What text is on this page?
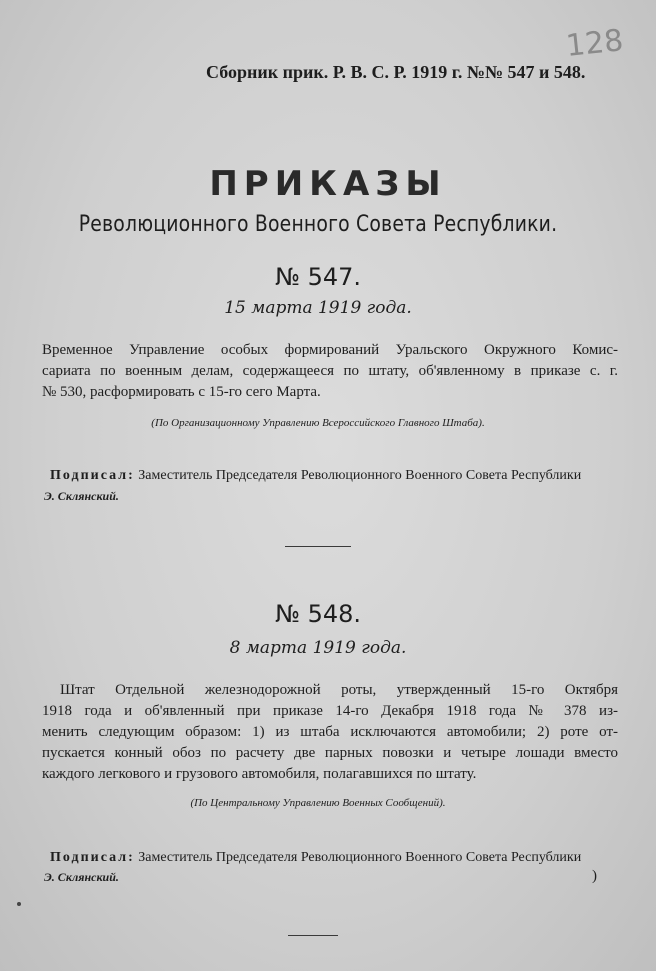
128
Сборник прик. Р. В. С. Р. 1919 г. №№ 547 и 548.
ПРИКАЗЫ
Революционного Военного Совета Республики.
№ 547.
15 марта 1919 года.
Временное Управление особых формирований Уральского Окружного Комис-
сариата по военным делам, содержащееся по штату, об'явленному в приказе с. г.
№ 530, расформировать с 15-го сего Марта.
(По Организационному Управлению Всероссийского Главного Штаба).
Подписал: Заместитель Председателя Революционного Военного Совета Республики
Э. Склянский.
№ 548.
8 марта 1919 года.
Штат Отдельной железнодорожной роты, утвержденный 15-го Октября
1918 года и об'явленный при приказе 14-го Декабря 1918 года № 378 из-
менить следующим образом: 1) из штаба исключаются автомобили; 2) роте от-
пускается конный обоз по расчету две парных повозки и четыре лошади вместо
каждого легкового и грузового автомобиля, полагавшихся по штату.
(По Центральному Управлению Военных Сообщений).
Подписал: Заместитель Председателя Революционного Военного Совета Республики
Э. Склянский.	)
